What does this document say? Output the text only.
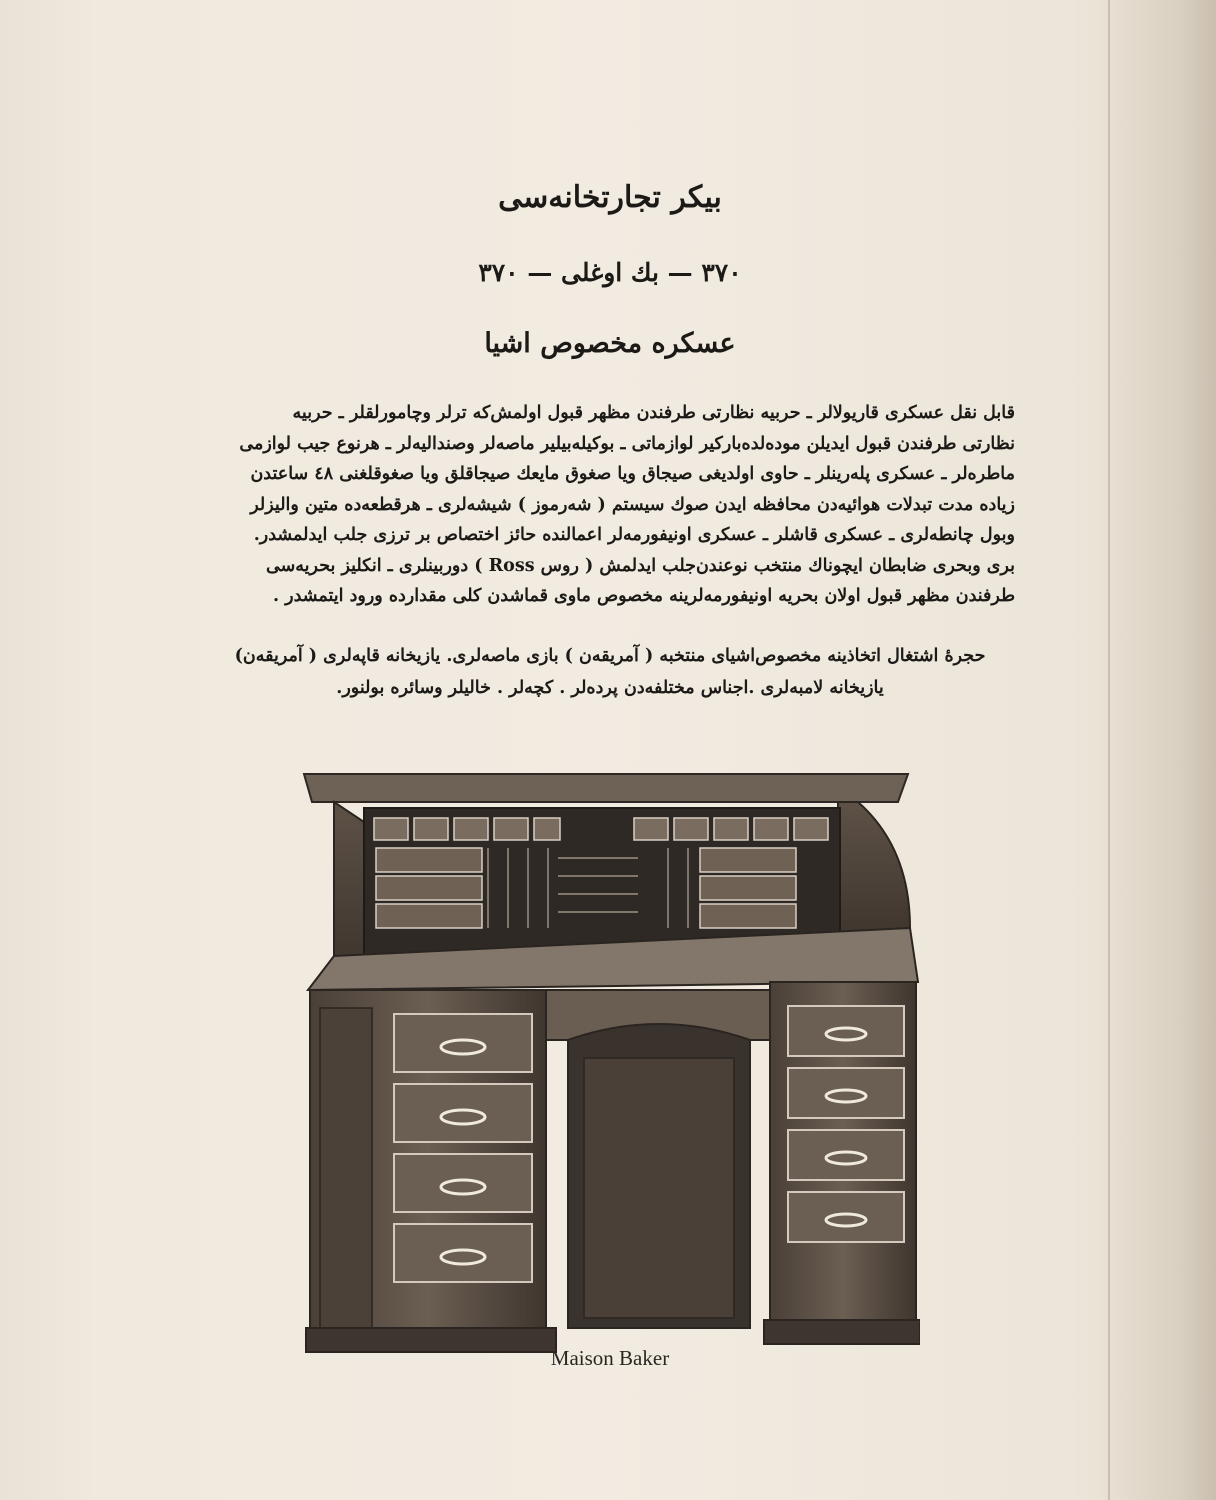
بیکر تجارتخانه‌سی
٣٧٠ — بك اوغلی — ٣٧٠
عسکره مخصوص اشیا
قابل نقل عسکری قاریولالر ـ حربیه نظارتی طرفندن مظهر قبول اولمش‌که ترلر وچامورلقلر ـ حربیه
نظارتی طرفندن قبول ایدیلن موده‌لده‌بارکیر لوازماتی ـ بوکیله‌بیلیر ماصه‌لر وصندالیه‌لر ـ هرنوع جیب لوازمی
ماطره‌لر ـ عسکری پله‌رینلر ـ حاوی اولدیغی صیجاق ویا صغوق مایعك صیجاقلق ویا صغوقلغنی ٤٨ ساعتدن
زیاده مدت تبدلات هوائیه‌دن محافظه ایدن صوك سیستم ( شه‌رموز ) شیشه‌لری ـ هرقطعه‌ده متین والیزلر
وبول چانطه‌لری ـ عسکری قاشلر ـ عسکری اونیفورمه‌لر اعمالنده حائز اختصاص بر ترزی جلب ایدلمشدر.
بری وبحری ضابطان ایچوناك منتخب نوعندن‌جلب ایدلمش ( روس Ross ) دوربینلری ـ انکلیز بحریه‌سی
طرفندن مظهر قبول اولان بحریه اونیفورمه‌لرینه مخصوص ماوی قماشدن کلی مقدارده ورود ایتمشدر .
حجرهٔ اشتغال اتخاذینه مخصوص‌اشیای منتخبه ( آمریقه‌ن ) بازی ماصه‌لری. یازیخانه قاپه‌لری ( آمریقه‌ن)
یازیخانه لامبه‌لری .اجناس مختلفه‌دن پرده‌لر . کچه‌لر . خالیلر وسائره بولنور.
Maison Baker
